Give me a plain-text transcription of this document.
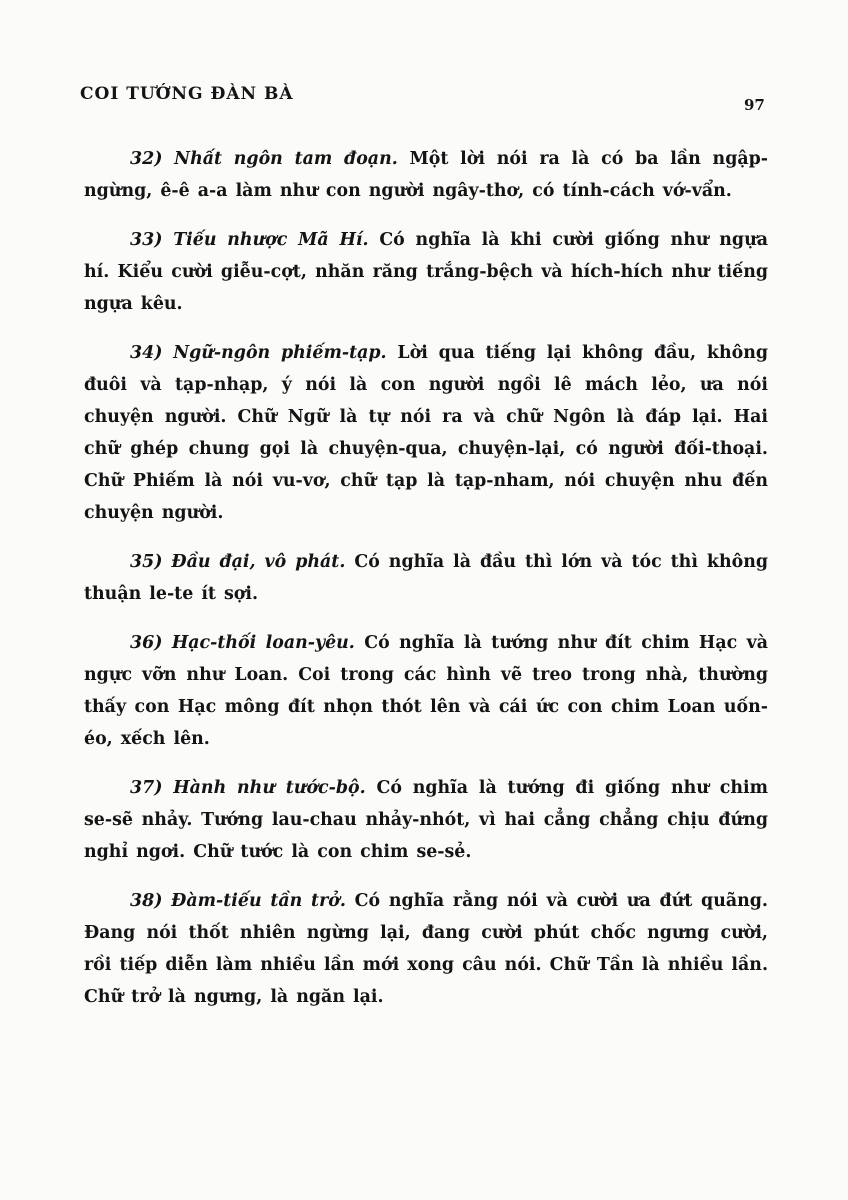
COI TƯỚNG ĐÀN BÀ
97

32) Nhất ngôn tam đoạn. Một lời nói ra là có ba lần ngập-ngừng, ê-ê a-a làm như con người ngây-thơ, có tính-cách vớ-vẩn.

33) Tiếu nhược Mã Hí. Có nghĩa là khi cười giống như ngựa hí. Kiểu cười giễu-cợt, nhăn răng trắng-bệch và hích-hích như tiếng ngựa kêu.

34) Ngữ-ngôn phiếm-tạp. Lời qua tiếng lại không đầu, không đuôi và tạp-nhạp, ý nói là con người ngồi lê mách lẻo, ưa nói chuyện người. Chữ Ngữ là tự nói ra và chữ Ngôn là đáp lại. Hai chữ ghép chung gọi là chuyện-qua, chuyện-lại, có người đối-thoại. Chữ Phiếm là nói vu-vơ, chữ tạp là tạp-nham, nói chuyện nhu đến chuyện người.

35) Đầu đại, vô phát. Có nghĩa là đầu thì lớn và tóc thì không thuận le-te ít sợi.

36) Hạc-thối loan-yêu. Có nghĩa là tướng như đít chim Hạc và ngực vỡn như Loan. Coi trong các hình vẽ treo trong nhà, thường thấy con Hạc mông đít nhọn thót lên và cái ức con chim Loan uốn-éo, xếch lên.

37) Hành như tước-bộ. Có nghĩa là tướng đi giống như chim se-sẽ nhảy. Tướng lau-chau nhảy-nhót, vì hai cẳng chẳng chịu đứng nghỉ ngơi. Chữ tước là con chim se-sẻ.

38) Đàm-tiếu tần trở. Có nghĩa rằng nói và cười ưa đứt quãng. Đang nói thốt nhiên ngừng lại, đang cười phút chốc ngưng cười, rồi tiếp diễn làm nhiều lần mới xong câu nói. Chữ Tần là nhiều lần. Chữ trở là ngưng, là ngăn lại.
